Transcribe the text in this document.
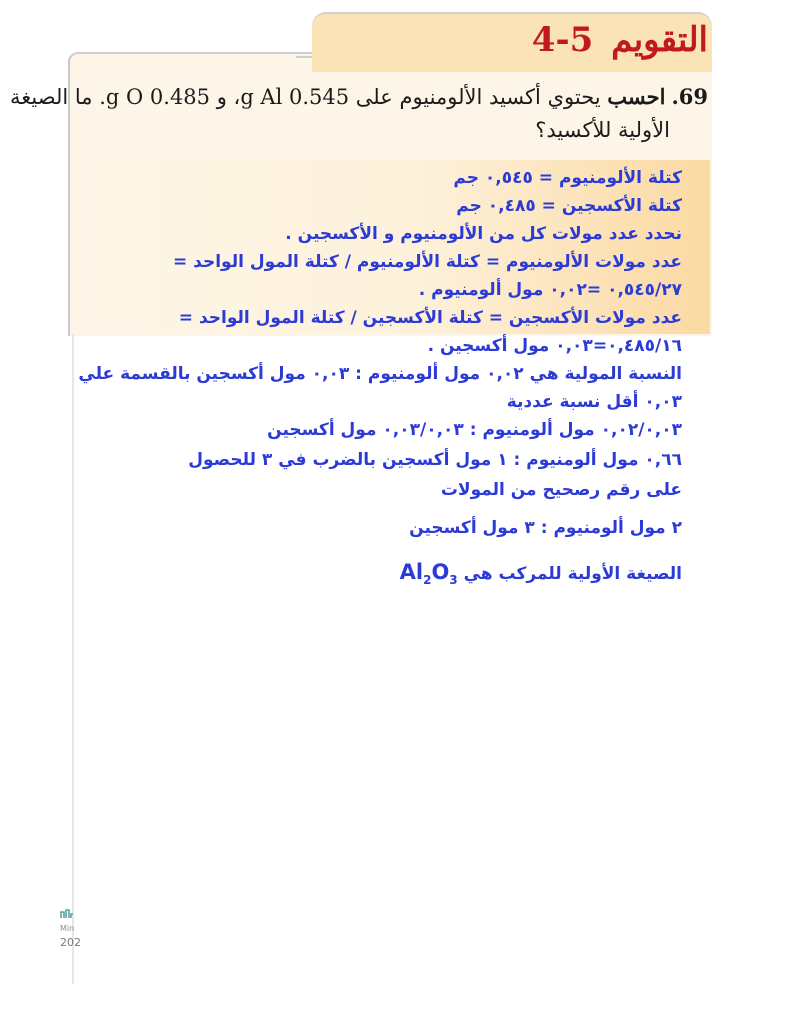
التقويم 5-4
69.احسب يحتوي أكسيد الألومنيوم على 0.545 g Al، و 0.485 g O. ما الصيغة
الأولية للأكسيد؟
كتلة الألومنيوم = ٠,٥٤٥ جم
كتلة الأكسجين = ٠,٤٨٥ جم
نحدد عدد مولات كل من الألومنيوم و الأكسجين .
عدد مولات الألومنيوم = كتلة الألومنيوم / كتلة المول الواحد =
٠,٥٤٥/٢٧ =٠,٠٢ مول ألومنيوم .
عدد مولات الأكسجين = كتلة الأكسجين / كتلة المول الواحد =
٠,٤٨٥/١٦=٠,٠٣ مول أكسجين .
النسبة المولية هي ٠,٠٢ مول ألومنيوم : ٠,٠٣ مول أكسجين بالقسمة علي
٠,٠٣ أقل نسبة عددية
٠,٠٢/٠,٠٣ مول ألومنيوم : ٠,٠٣/٠,٠٣ مول أكسجين
٠,٦٦ مول ألومنيوم : ١ مول أكسجين بالضرب في ٣ للحصول
على رقم رصحيح من المولات
٢ مول ألومنيوم : ٣ مول أكسجين
الصيغة الأولية للمركب هي $Al_2O_3$
Min
202
